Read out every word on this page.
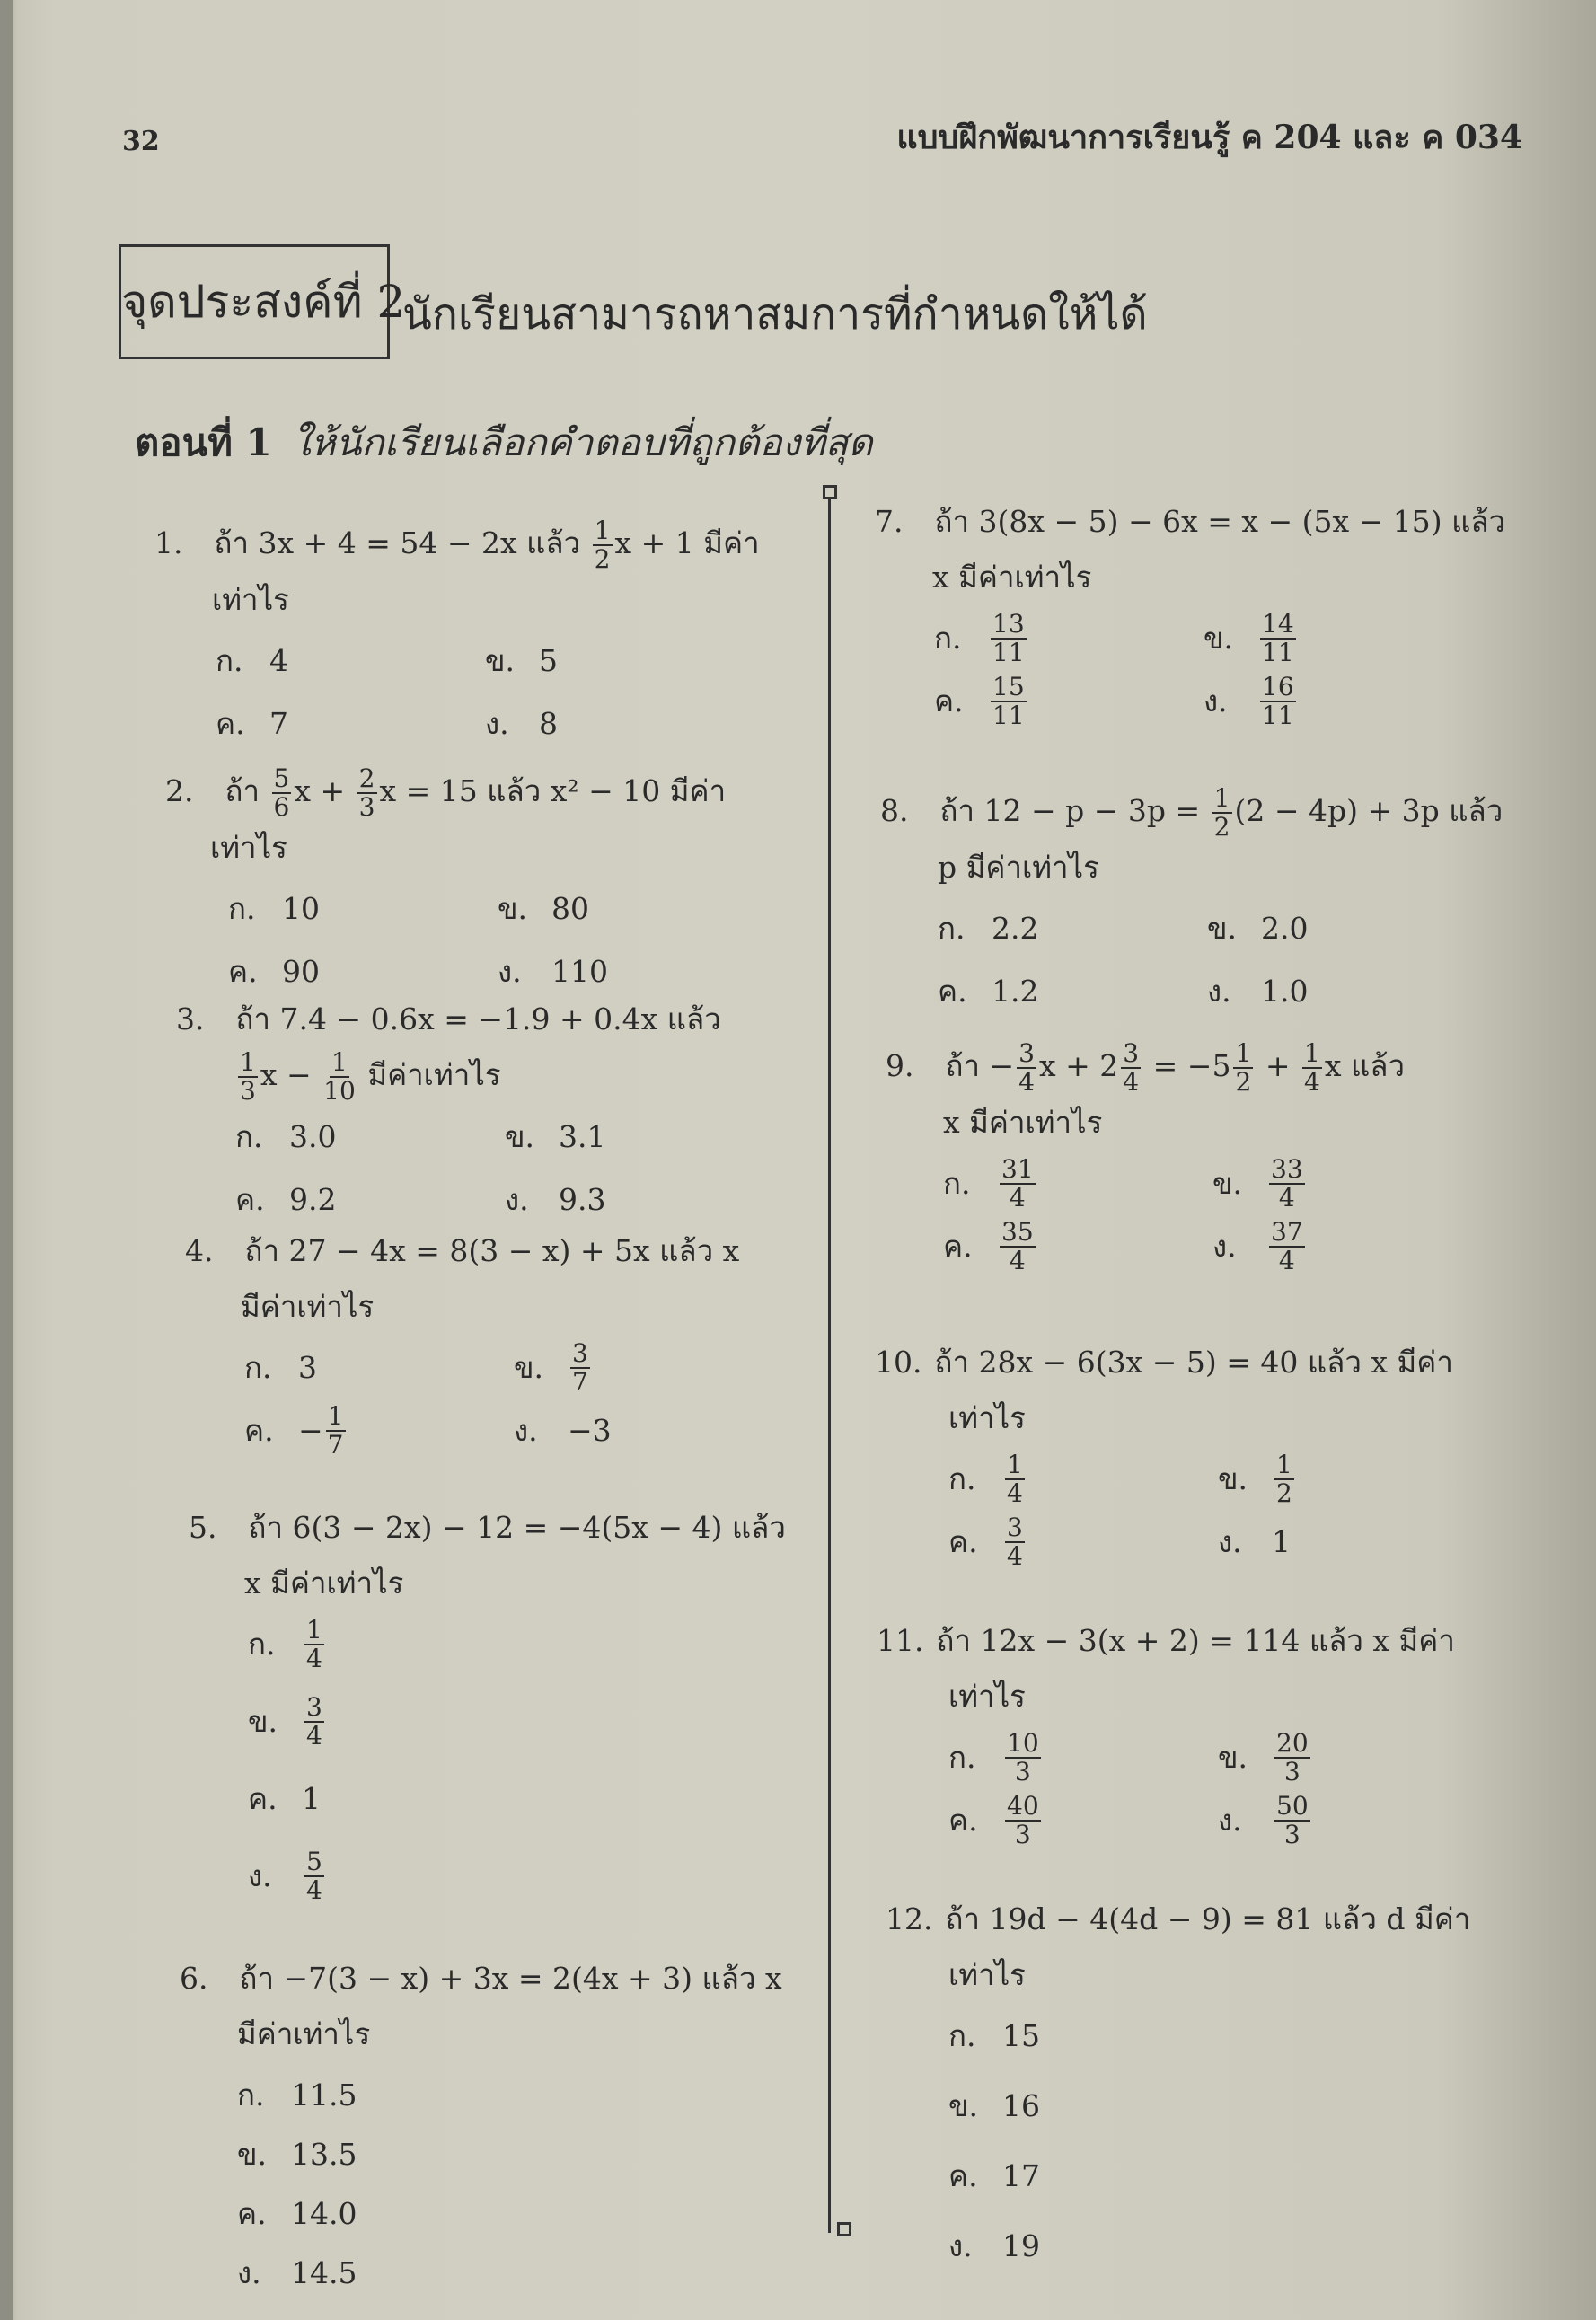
32	แบบฝึกพัฒนาการเรียนรู้ ค 204 และ ค 034
จุดประสงค์ที่ 2
นักเรียนสามารถหาสมการที่กำหนดให้ได้
ตอนที่ 1 ให้นักเรียนเลือกคำตอบที่ถูกต้องที่สุด
1. ถ้า 3x + 4 = 54 − 2x แล้ว $\frac{1}{2}$ x + 1 มีค่า
เท่าไร
ก. 4	ข. 5
ค. 7	ง.	8
2. ถ้า $\frac{5}{6}$ $x + \frac{2}{3}$ x = 15 แล้ว x² − 10 มีค่า
เท่าไร
ก. 10	ข. 80
ค. 90	ง.	110
3. ถ้า 7.4 − 0.6x = −1.9 + 0.4x แล้ว
$\frac{1}{3}$ $x - \frac{1}{10}$ มีค่าเท่าไร
ก. 3.0	ข. 3.1
ค. 9.2	ง.	9.3
4. ถ้า 27 − 4x = 8(3 − x) + 5x แล้ว x
มีค่าเท่าไร
ก. 3	ข.	$\frac{3}{7}$
ค. − $\frac{1}{7}$	ง.	−3
5. ถ้า 6(3 − 2x) − 12 = −4(5x − 4) แล้ว
x มีค่าเท่าไร
ก.	$\frac{1}{4}$
ข.	$\frac{3}{4}$
ค. 1
ง.	$\frac{5}{4}$
6. ถ้า −7(3 − x) + 3x = 2(4x + 3) แล้ว x
มีค่าเท่าไร
ก. 11.5
ข. 13.5
ค. 14.0
ง.	14.5
7. ถ้า 3(8x − 5) − 6x = x − (5x − 15) แล้ว
x มีค่าเท่าไร
ก.	$\frac{13}{11}$	ข.	$\frac{14}{11}$
ค.	$\frac{15}{11}$	ง.	$\frac{16}{11}$
8. ถ้า $12 - p - 3p = \frac{1}{2} (2 - 4p) + 3p$ แล้ว
p มีค่าเท่าไร
ก. 2.2	ข. 2.0
ค. 1.2	ง.	1.0
9. ถ้า − $\frac{3}{4}$ $x + 2 \frac{3}{4} = -5 \frac{1}{2} + \frac{1}{4}$ x แล้ว
x มีค่าเท่าไร
ก.	$\frac{31}{4}$	ข.	$\frac{33}{4}$
ค.	$\frac{35}{4}$	ง.	$\frac{37}{4}$
10. ถ้า 28x − 6(3x − 5) = 40 แล้ว x มีค่า
เท่าไร
ก.	$\frac{1}{4}$	ข.	$\frac{1}{2}$
ค.	$\frac{3}{4}$	ง.	1
11. ถ้า 12x − 3(x + 2) = 114 แล้ว x มีค่า
เท่าไร
ก.	$\frac{10}{3}$	ข.	$\frac{20}{3}$
ค.	$\frac{40}{3}$	ง.	$\frac{50}{3}$
12. ถ้า 19d − 4(4d − 9) = 81 แล้ว d มีค่า
เท่าไร
ก. 15
ข. 16
ค. 17
ง.	19
